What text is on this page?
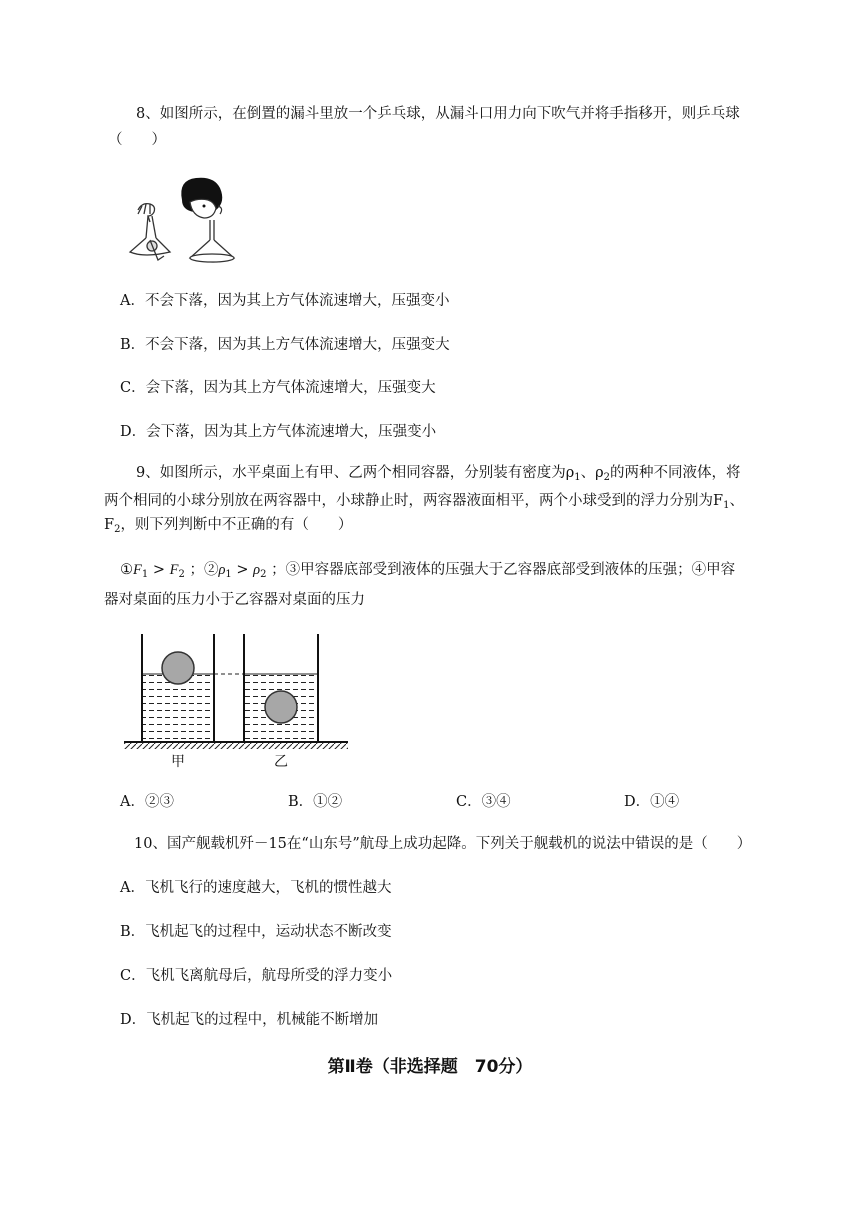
8、如图所示，在倒置的漏斗里放一个乒乓球，从漏斗口用力向下吹气并将手指移开，则乒乓球
（　　）
A．不会下落，因为其上方气体流速增大，压强变小
B．不会下落，因为其上方气体流速增大，压强变大
C．会下落，因为其上方气体流速增大，压强变大
D．会下落，因为其上方气体流速增大，压强变小
9、如图所示，水平桌面上有甲、乙两个相同容器，分别装有密度为$\rho_1$、$\rho_2$的两种不同液体，将
两个相同的小球分别放在两容器中，小球静止时，两容器液面相平，两个小球受到的浮力分别为$F_1$、
$F_2$，则下列判断中不正确的有（　　）
$①F_1 > F_2$ ；$②\rho_1 > \rho_2$ ；③甲容器底部受到液体的压强大于乙容器底部受到液体的压强；④甲容
器对桌面的压力小于乙容器对桌面的压力
甲	乙
A．②③	B．①②	C．③④	D．①④
10、国产舰载机歼－15在“山东号”航母上成功起降。下列关于舰载机的说法中错误的是（　　）
A．飞机飞行的速度越大，飞机的惯性越大
B．飞机起飞的过程中，运动状态不断改变
C．飞机飞离航母后，航母所受的浮力变小
D．飞机起飞的过程中，机械能不断增加
第Ⅱ卷（非选择题　70分）
